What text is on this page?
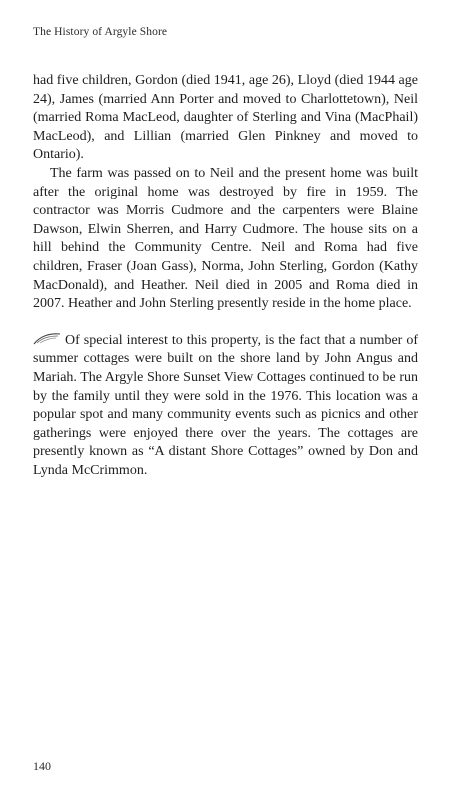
The History of Argyle Shore

had five children, Gordon (died 1941, age 26), Lloyd (died 1944 age 24), James (married Ann Porter and moved to Charlottetown), Neil (married Roma MacLeod, daughter of Sterling and Vina (MacPhail) MacLeod), and Lillian (married Glen Pinkney and moved to Ontario).

The farm was passed on to Neil and the present home was built after the original home was destroyed by fire in 1959. The contractor was Morris Cudmore and the carpenters were Blaine Dawson, Elwin Sherren, and Harry Cudmore. The house sits on a hill behind the Community Centre. Neil and Roma had five children, Fraser (Joan Gass), Norma, John Sterling, Gordon (Kathy MacDonald), and Heather. Neil died in 2005 and Roma died in 2007. Heather and John Sterling presently reside in the home place.

Of special interest to this property, is the fact that a number of summer cottages were built on the shore land by John Angus and Mariah. The Argyle Shore Sunset View Cottages continued to be run by the family until they were sold in the 1976. This location was a popular spot and many community events such as picnics and other gatherings were enjoyed there over the years. The cottages are presently known as “A distant Shore Cottages” owned by Don and Lynda McCrimmon.

140
